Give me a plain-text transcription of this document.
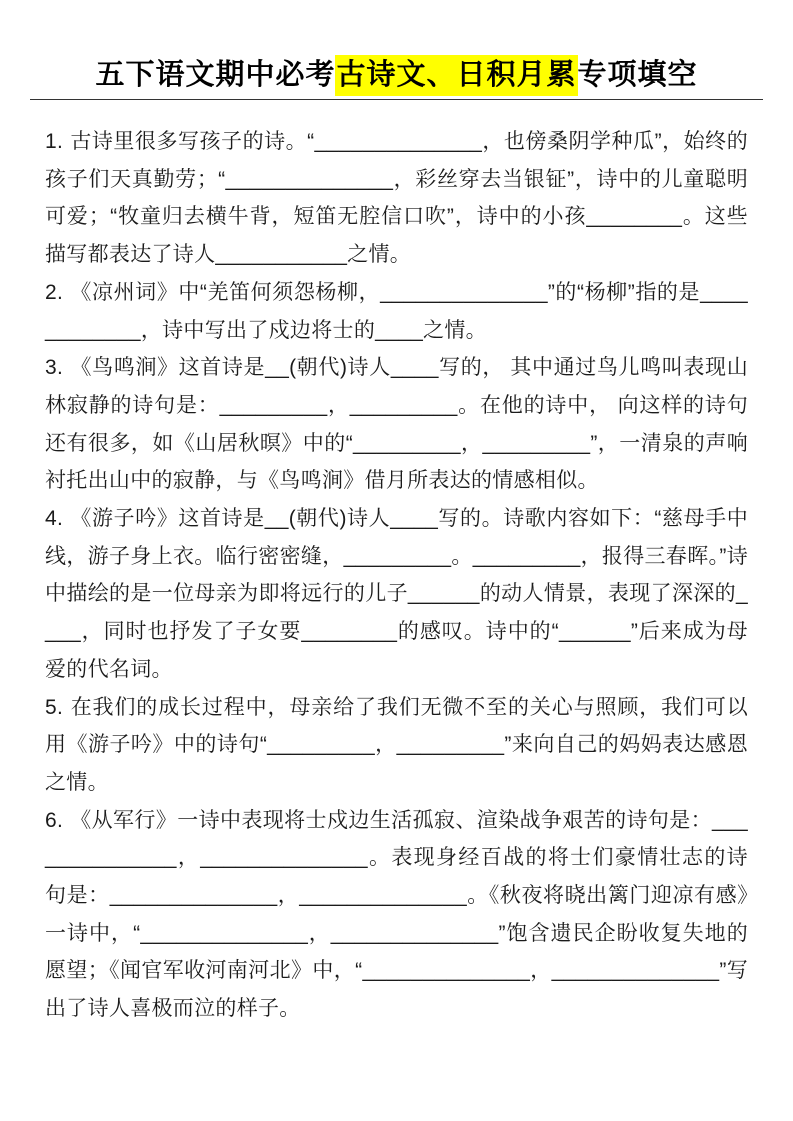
五下语文期中必考古诗文、日积月累专项填空

1. 古诗里很多写孩子的诗。“______________，也傍桑阴学种瓜”，始终的孩子们天真勤劳；“______________，彩丝穿去当银钲”，诗中的儿童聪明可爱；“牧童归去横牛背，短笛无腔信口吹”，诗中的小孩________。这些描写都表达了诗人___________之情。

2. 《凉州词》中“羌笛何须怨杨柳，______________”的“杨柳”指的是____________，诗中写出了戍边将士的____之情。

3. 《鸟鸣涧》这首诗是__(朝代)诗人____写的， 其中通过鸟儿鸣叫表现山林寂静的诗句是：_________，_________。在他的诗中， 向这样的诗句还有很多，如《山居秋暝》中的“_________，_________”，一清泉的声响衬托出山中的寂静，与《鸟鸣涧》借月所表达的情感相似。

4. 《游子吟》这首诗是__(朝代)诗人____写的。诗歌内容如下：“慈母手中线，游子身上衣。临行密密缝，_________。_________，报得三春晖。”诗中描绘的是一位母亲为即将远行的儿子______的动人情景，表现了深深的____，同时也抒发了子女要________的感叹。诗中的“______”后来成为母爱的代名词。

5. 在我们的成长过程中，母亲给了我们无微不至的关心与照顾，我们可以用《游子吟》中的诗句“_________，_________”来向自己的妈妈表达感恩之情。

6. 《从军行》一诗中表现将士戍边生活孤寂、渲染战争艰苦的诗句是：______________，______________。表现身经百战的将士们豪情壮志的诗句是：______________，______________。《秋夜将晓出篱门迎凉有感》一诗中，“______________，______________”饱含遗民企盼收复失地的愿望；《闻官军收河南河北》中，“______________，______________”写出了诗人喜极而泣的样子。
